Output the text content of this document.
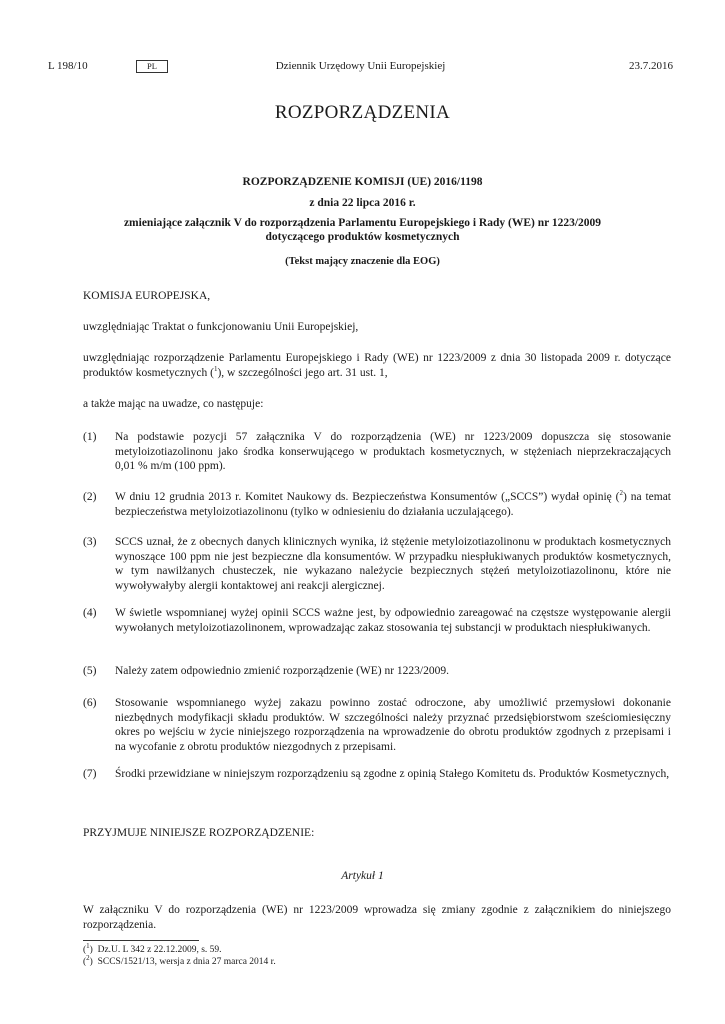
L 198/10	PL	Dziennik Urzędowy Unii Europejskiej	23.7.2016
ROZPORZĄDZENIA
ROZPORZĄDZENIE KOMISJI (UE) 2016/1198
z dnia 22 lipca 2016 r.
zmieniające załącznik V do rozporządzenia Parlamentu Europejskiego i Rady (WE) nr 1223/2009
dotyczącego produktów kosmetycznych
(Tekst mający znaczenie dla EOG)
KOMISJA EUROPEJSKA,
uwzględniając Traktat o funkcjonowaniu Unii Europejskiej,
uwzględniając rozporządzenie Parlamentu Europejskiego i Rady (WE) nr 1223/2009 z dnia 30 listopada 2009 r. dotyczące produktów kosmetycznych ($^1$), w szczególności jego art. 31 ust. 1,
a także mając na uwadze, co następuje:
(1) Na podstawie pozycji 57 załącznika V do rozporządzenia (WE) nr 1223/2009 dopuszcza się stosowanie metyloizotiazolinonu jako środka konserwującego w produktach kosmetycznych, w stężeniach nieprzekraczających 0,01 % m/m (100 ppm).
(2) W dniu 12 grudnia 2013 r. Komitet Naukowy ds. Bezpieczeństwa Konsumentów („SCCS”) wydał opinię ($^2$) na temat bezpieczeństwa metyloizotiazolinonu (tylko w odniesieniu do działania uczulającego).
(3) SCCS uznał, że z obecnych danych klinicznych wynika, iż stężenie metyloizotiazolinonu w produktach kosmetycznych wynoszące 100 ppm nie jest bezpieczne dla konsumentów. W przypadku niespłukiwanych produktów kosmetycznych, w tym nawilżanych chusteczek, nie wykazano należycie bezpiecznych stężeń metyloizotiazolinonu, które nie wywoływałyby alergii kontaktowej ani reakcji alergicznej.
(4) W świetle wspomnianej wyżej opinii SCCS ważne jest, by odpowiednio zareagować na częstsze występowanie alergii wywołanych metyloizotiazolinonem, wprowadzając zakaz stosowania tej substancji w produktach niespłukiwanych.
(5) Należy zatem odpowiednio zmienić rozporządzenie (WE) nr 1223/2009.
(6) Stosowanie wspomnianego wyżej zakazu powinno zostać odroczone, aby umożliwić przemysłowi dokonanie niezbędnych modyfikacji składu produktów. W szczególności należy przyznać przedsiębiorstwom sześciomiesięczny okres po wejściu w życie niniejszego rozporządzenia na wprowadzenie do obrotu produktów zgodnych z przepisami i na wycofanie z obrotu produktów niezgodnych z przepisami.
(7) Środki przewidziane w niniejszym rozporządzeniu są zgodne z opinią Stałego Komitetu ds. Produktów Kosmetycznych,
PRZYJMUJE NINIEJSZE ROZPORZĄDZENIE:
Artykuł 1
W załączniku V do rozporządzenia (WE) nr 1223/2009 wprowadza się zmiany zgodnie z załącznikiem do niniejszego rozporządzenia.
($^1$)  Dz.U. L 342 z 22.12.2009, s. 59.
($^2$)  SCCS/1521/13, wersja z dnia 27 marca 2014 r.
